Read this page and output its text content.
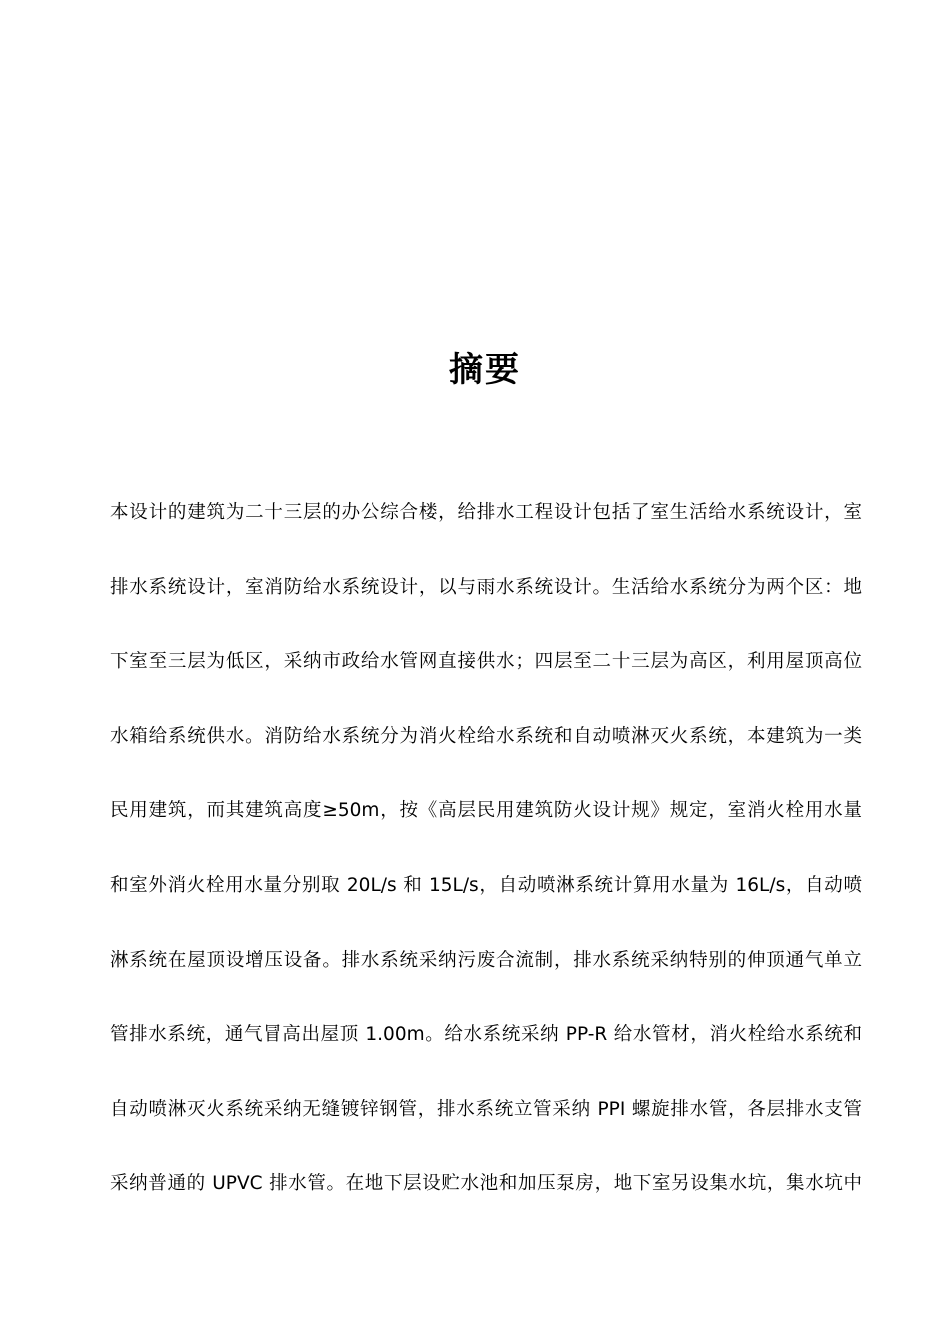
摘要
本设计的建筑为二十三层的办公综合楼，给排水工程设计包括了室生活给水系统设计，室
排水系统设计，室消防给水系统设计，以与雨水系统设计。生活给水系统分为两个区：地
下室至三层为低区，采纳市政给水管网直接供水；四层至二十三层为高区，利用屋顶高位
水箱给系统供水。消防给水系统分为消火栓给水系统和自动喷淋灭火系统，本建筑为一类
民用建筑，而其建筑高度≥50m，按《高层民用建筑防火设计规》规定，室消火栓用水量
和室外消火栓用水量分别取 20L/s 和 15L/s，自动喷淋系统计算用水量为 16L/s，自动喷
淋系统在屋顶设增压设备。排水系统采纳污废合流制，排水系统采纳特别的伸顶通气单立
管排水系统，通气冒高出屋顶 1.00m。给水系统采纳 PP-R 给水管材，消火栓给水系统和
自动喷淋灭火系统采纳无缝镀锌钢管，排水系统立管采纳 PPI 螺旋排水管，各层排水支管
采纳普通的 UPVC 排水管。在地下层设贮水池和加压泵房，地下室另设集水坑，集水坑中
